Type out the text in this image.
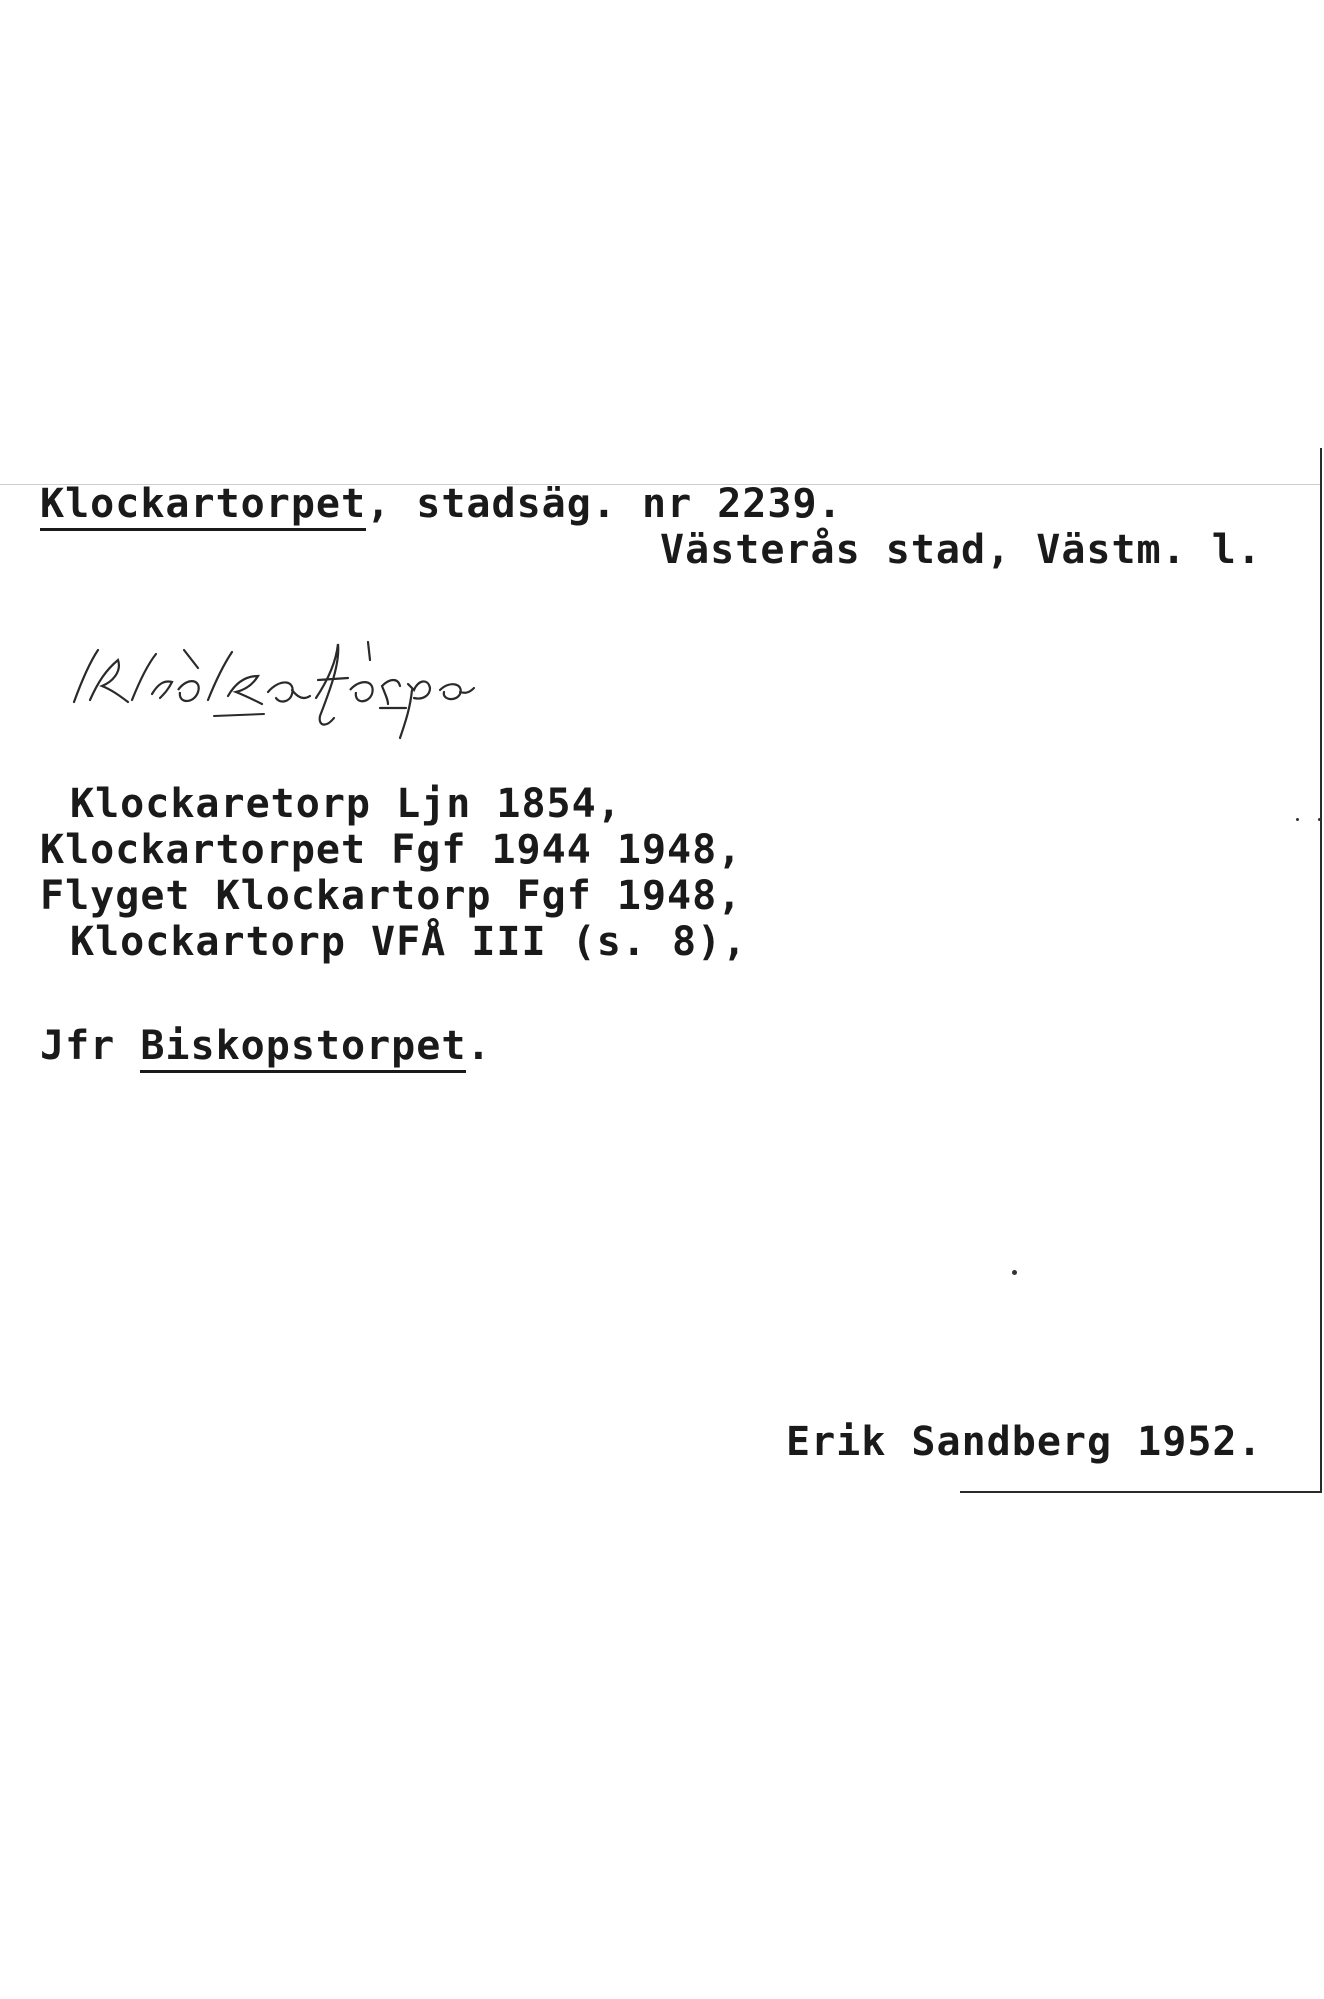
Klockartorpet, stadsäg. nr 2239.
Västerås stad, Västm. l.
Klockaretorp Ljn 1854,
Klockartorpet Fgf 1944 1948,
Flyget Klockartorp Fgf 1948,
Klockartorp VFÅ III (s. 8),
Jfr Biskopstorpet.
Erik Sandberg 1952.
